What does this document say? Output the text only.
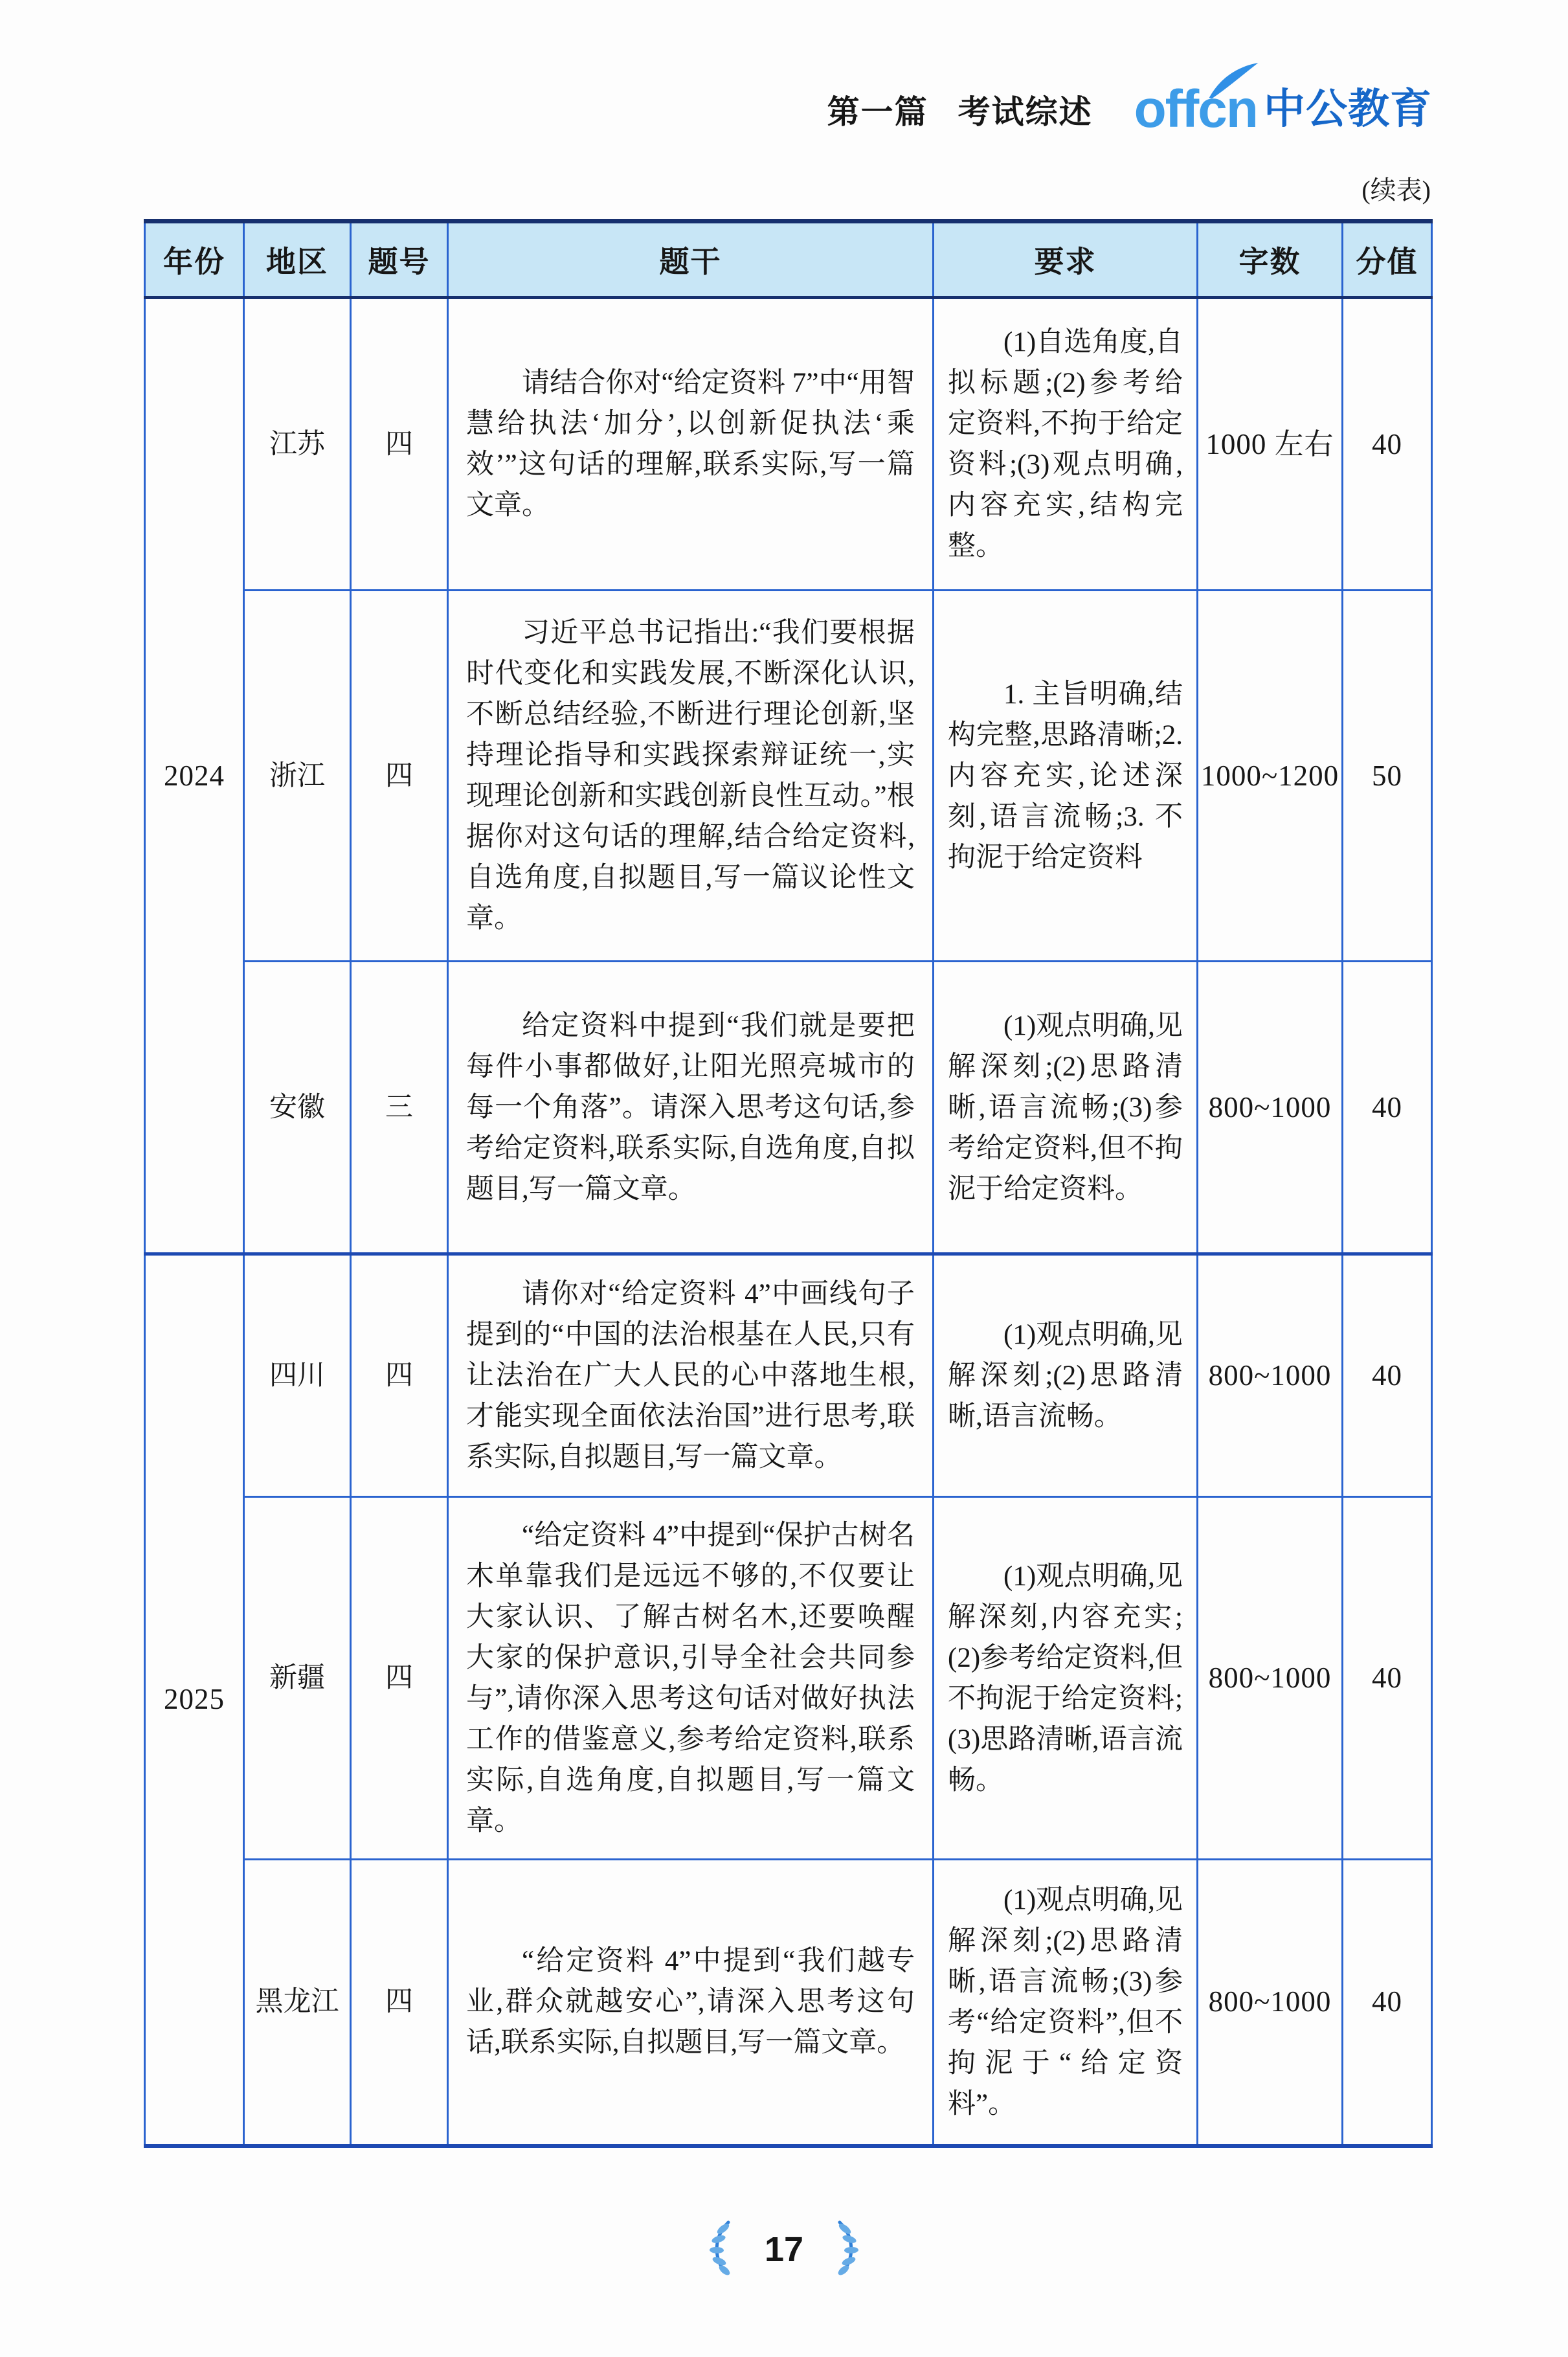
第一篇 考试综述 offcn 中公教育
(续表)
年份	地区	题号	题干	要求	字数	分值
2024	江苏	四	请结合你对“给定资料 7”中“用智慧给执法‘加分’,以创新促执法‘乘效’”这句话的理解,联系实际,写一篇文章。	(1)自选角度,自拟标题;(2)参考给定资料,不拘于给定资料;(3)观点明确,内容充实,结构完整。	1000 左右	40
	浙江	四	习近平总书记指出:“我们要根据时代变化和实践发展,不断深化认识,不断总结经验,不断进行理论创新,坚持理论指导和实践探索辩证统一,实现理论创新和实践创新良性互动。”根据你对这句话的理解,结合给定资料,自选角度,自拟题目,写一篇议论性文章。	1. 主旨明确,结构完整,思路清晰;2. 内容充实,论述深刻,语言流畅;3. 不拘泥于给定资料	1000~1200	50
	安徽	三	给定资料中提到“我们就是要把每件小事都做好,让阳光照亮城市的每一个角落”。请深入思考这句话,参考给定资料,联系实际,自选角度,自拟题目,写一篇文章。	(1)观点明确,见解深刻;(2)思路清晰,语言流畅;(3)参考给定资料,但不拘泥于给定资料。	800~1000	40
2025	四川	四	请你对“给定资料 4”中画线句子提到的“中国的法治根基在人民,只有让法治在广大人民的心中落地生根,才能实现全面依法治国”进行思考,联系实际,自拟题目,写一篇文章。	(1)观点明确,见解深刻;(2)思路清晰,语言流畅。	800~1000	40
	新疆	四	“给定资料 4”中提到“保护古树名木单靠我们是远远不够的,不仅要让大家认识、了解古树名木,还要唤醒大家的保护意识,引导全社会共同参与”,请你深入思考这句话对做好执法工作的借鉴意义,参考给定资料,联系实际,自选角度,自拟题目,写一篇文章。	(1)观点明确,见解深刻,内容充实;(2)参考给定资料,但不拘泥于给定资料;(3)思路清晰,语言流畅。	800~1000	40
	黑龙江	四	“给定资料 4”中提到“我们越专业,群众就越安心”,请深入思考这句话,联系实际,自拟题目,写一篇文章。	(1)观点明确,见解深刻;(2)思路清晰,语言流畅;(3)参考“给定资料”,但不拘泥于“给定资料”。	800~1000	40
17
